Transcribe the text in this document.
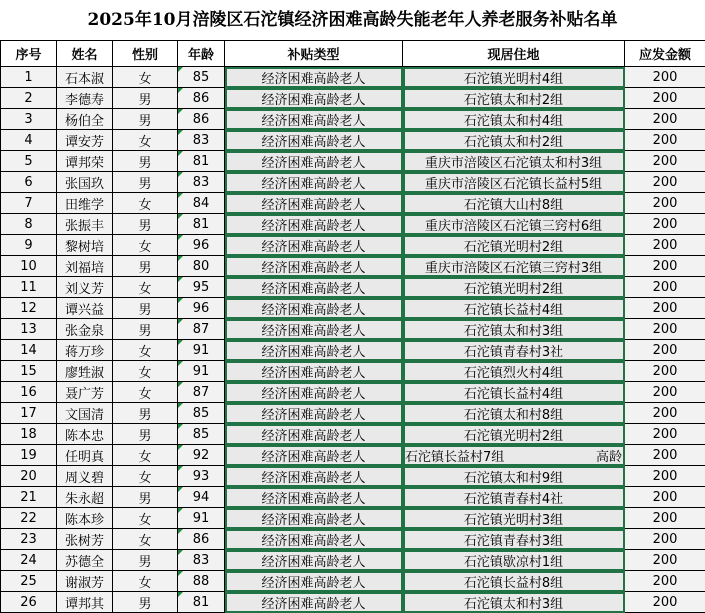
2025年10月涪陵区石沱镇经济困难高龄失能老年人养老服务补贴名单
序号	姓名	性别	年龄	补贴类型	现居住地	应发金额
1	石本淑	女	85	经济困难高龄老人	石沱镇光明村4组	200
2	李德寿	男	86	经济困难高龄老人	石沱镇太和村2组	200
3	杨伯全	男	86	经济困难高龄老人	石沱镇太和村4组	200
4	谭安芳	女	83	经济困难高龄老人	石沱镇太和村2组	200
5	谭邦荣	男	81	经济困难高龄老人	重庆市涪陵区石沱镇太和村3组	200
6	张国玖	男	83	经济困难高龄老人	重庆市涪陵区石沱镇长益村5组	200
7	田维学	女	84	经济困难高龄老人	石沱镇大山村8组	200
8	张振丰	男	81	经济困难高龄老人	重庆市涪陵区石沱镇三窍村6组	200
9	黎树培	女	96	经济困难高龄老人	石沱镇光明村2组	200
10	刘福培	男	80	经济困难高龄老人	重庆市涪陵区石沱镇三窍村3组	200
11	刘义芳	女	95	经济困难高龄老人	石沱镇光明村2组	200
12	谭兴益	男	96	经济困难高龄老人	石沱镇长益村4组	200
13	张金泉	男	87	经济困难高龄老人	石沱镇太和村3组	200
14	蒋万珍	女	91	经济困难高龄老人	石沱镇青春村3社	200
15	廖甡淑	女	91	经济困难高龄老人	石沱镇烈火村4组	200
16	聂广芳	女	87	经济困难高龄老人	石沱镇长益村4组	200
17	文国清	男	85	经济困难高龄老人	石沱镇太和村8组	200
18	陈本忠	男	85	经济困难高龄老人	石沱镇光明村2组	200
19	任明真	女	92	经济困难高龄老人	石沱镇长益村7组 高龄	200
20	周义碧	女	93	经济困难高龄老人	石沱镇太和村9组	200
21	朱永超	男	94	经济困难高龄老人	石沱镇青春村4社	200
22	陈本珍	女	91	经济困难高龄老人	石沱镇光明村3组	200
23	张树芳	女	86	经济困难高龄老人	石沱镇青春村3组	200
24	苏德全	男	83	经济困难高龄老人	石沱镇歇凉村1组	200
25	谢淑芳	女	88	经济困难高龄老人	石沱镇长益村8组	200
26	谭邦其	男	81	经济困难高龄老人	石沱镇太和村3组	200
